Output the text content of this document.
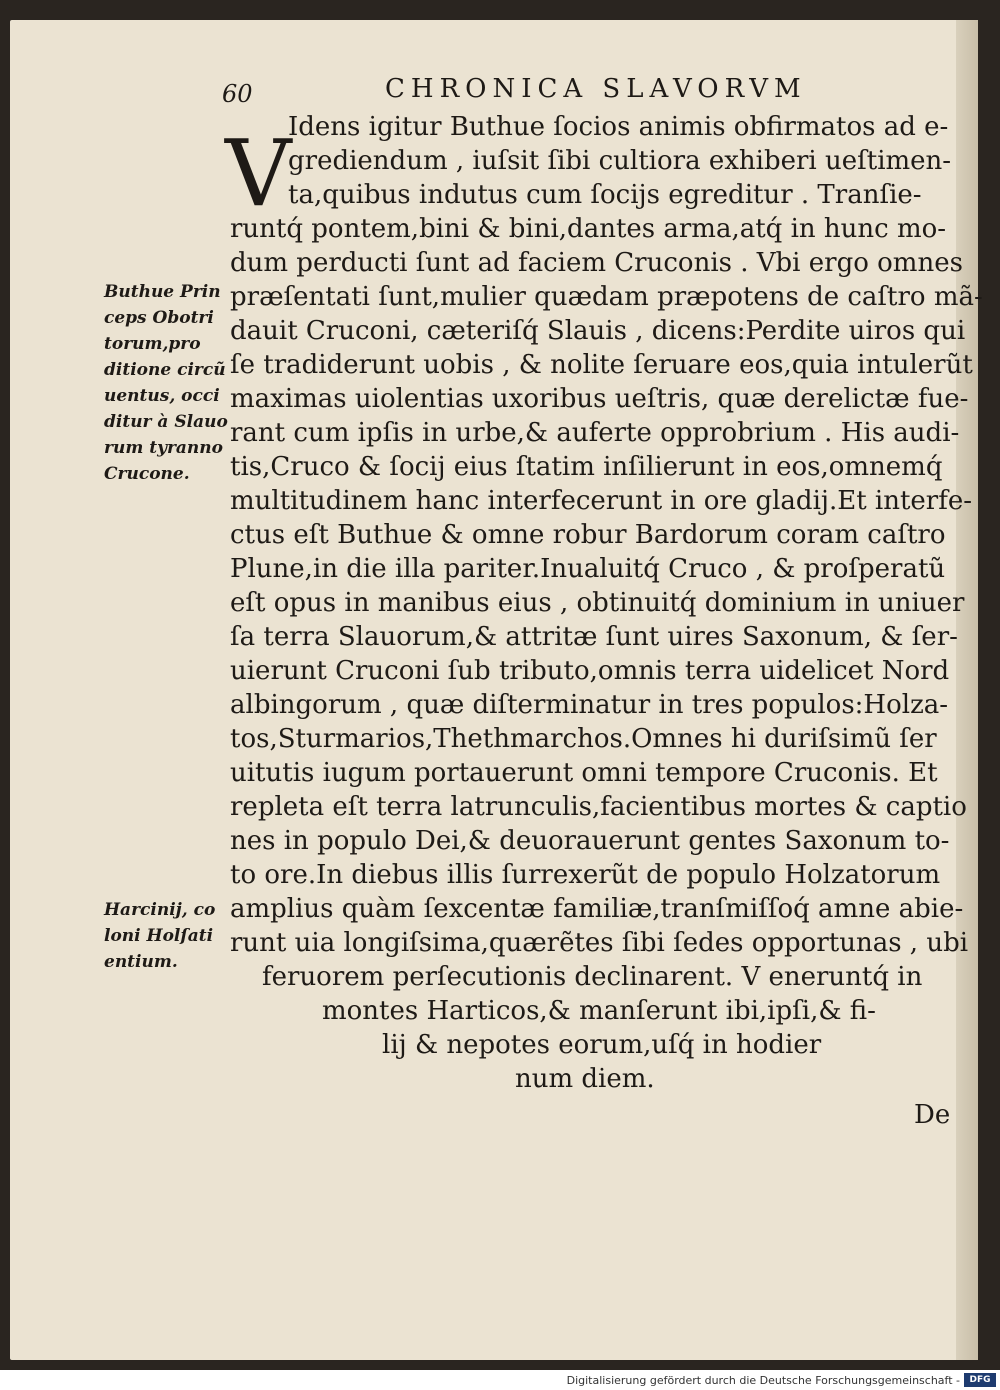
60	CHRONICA SLAVORVM
V
Idens igitur Buthue ſocios animis obfirmatos ad e-
grediendum , iuſsit ſibi cultiora exhiberi ueſtimen-
ta,quibus indutus cum ſocijs egreditur . Tranſie-
runtq́ pontem,bini & bini,dantes arma,atq́ in hunc mo-
dum perducti ſunt ad faciem Cruconis . Vbi ergo omnes
præſentati ſunt,mulier quædam præpotens de caſtro mã-
dauit Cruconi, cæteriſq́ Slauis , dicens:Perdite uiros qui
ſe tradiderunt uobis , & nolite ſeruare eos,quia intulerũt
maximas uiolentias uxoribus ueſtris, quæ derelictæ fue-
rant cum ipſis in urbe,& auferte opprobrium . His audi-
tis,Cruco & ſocij eius ſtatim inſilierunt in eos,omnemq́
multitudinem hanc interfecerunt in ore gladij.Et interfe-
ctus eſt Buthue & omne robur Bardorum coram caſtro
Plune,in die illa pariter.Inualuitq́ Cruco , & proſperatũ
eſt opus in manibus eius , obtinuitq́ dominium in uniuer
ſa terra Slauorum,& attritæ ſunt uires Saxonum, & ſer-
uierunt Cruconi ſub tributo,omnis terra uidelicet Nord
albingorum , quæ diſterminatur in tres populos:Holza-
tos,Sturmarios,Thethmarchos.Omnes hi duriſsimũ ſer
uitutis iugum portauerunt omni tempore Cruconis. Et
repleta eſt terra latrunculis,facientibus mortes & captio
nes in populo Dei,& deuorauerunt gentes Saxonum to-
to ore.In diebus illis ſurrexerũt de populo Holzatorum
amplius quàm ſexcentæ familiæ,tranſmiſſoq́ amne abie-
runt uia longiſsima,quærẽtes ſibi ſedes opportunas , ubi
feruorem perſecutionis declinarent. V eneruntq́ in
montes Harticos,& manſerunt ibi,ipſi,& fi-
lij & nepotes eorum,uſq́ in hodier
num diem.
Buthue Prin
ceps Obotri
torum,pro
ditione circũ
uentus, occi
ditur à Slauo
rum tyranno
Crucone.
Harcinij, co
loni Holſati
entium.
De
Digitalisierung gefördert durch die Deutsche Forschungsgemeinschaft -	DFG
